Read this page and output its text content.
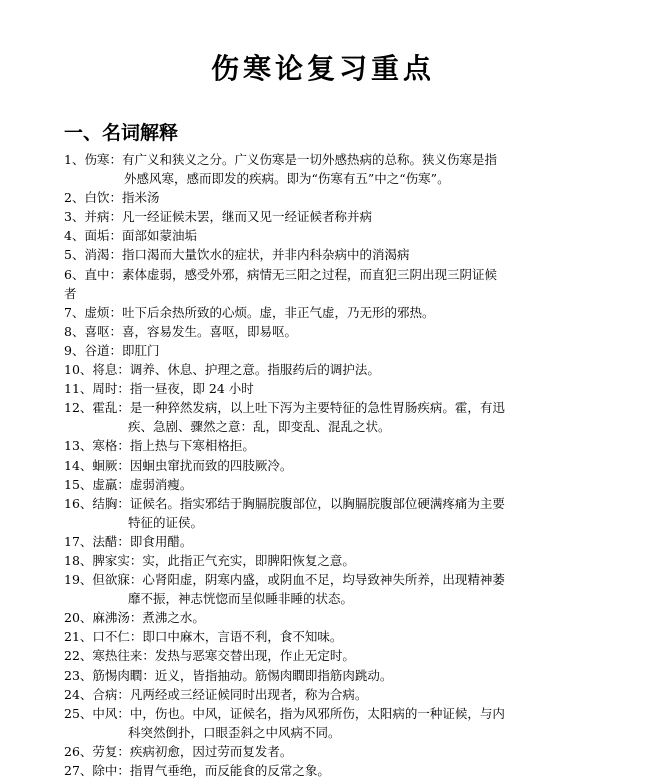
伤寒论复习重点
一、名词解释
1、伤寒：有广义和狭义之分。广义伤寒是一切外感热病的总称。狭义伤寒是指
外感风寒，感而即发的疾病。即为“伤寒有五”中之“伤寒”。
2、白饮：指米汤
3、并病：凡一经证候未罢，继而又见一经证候者称并病
4、面垢：面部如蒙油垢
5、消渴：指口渴而大量饮水的症状，并非内科杂病中的消渴病
6、直中：素体虚弱，感受外邪，病情无三阳之过程，而直犯三阴出现三阴证候
者
7、虚烦：吐下后余热所致的心烦。虚，非正气虚，乃无形的邪热。
8、喜呕：喜，容易发生。喜呕，即易呕。
9、谷道：即肛门
10、将息：调养、休息、护理之意。指服药后的调护法。
11、周时：指一昼夜，即 24 小时
12、霍乱：是一种猝然发病，以上吐下泻为主要特征的急性胃肠疾病。霍，有迅
疾、急剧、骤然之意：乱，即变乱、混乱之状。
13、寒格：指上热与下寒相格拒。
14、蛔厥：因蛔虫窜扰而致的四肢厥冷。
15、虚羸：虚弱消瘦。
16、结胸：证候名。指实邪结于胸膈脘腹部位，以胸膈脘腹部位硬满疼痛为主要
特征的证侯。
17、法醋：即食用醋。
18、脾家实：实，此指正气充实，即脾阳恢复之意。
19、但欲寐：心肾阳虚，阴寒内盛，或阴血不足，均导致神失所养，出现精神萎
靡不振，神志恍惚而呈似睡非睡的状态。
20、麻沸汤：煮沸之水。
21、口不仁：即口中麻木，言语不利，食不知味。
22、寒热往来：发热与恶寒交替出现，作止无定时。
23、筋惕肉瞤：近义，皆指抽动。筋惕肉瞤即指筋肉跳动。
24、合病：凡两经或三经证候同时出现者，称为合病。
25、中风：中，伤也。中风，证候名，指为风邪所伤，太阳病的一种证候，与内
科突然倒扑，口眼歪斜之中风病不同。
26、劳复：疾病初愈，因过劳而复发者。
27、除中：指胃气垂绝，而反能食的反常之象。
